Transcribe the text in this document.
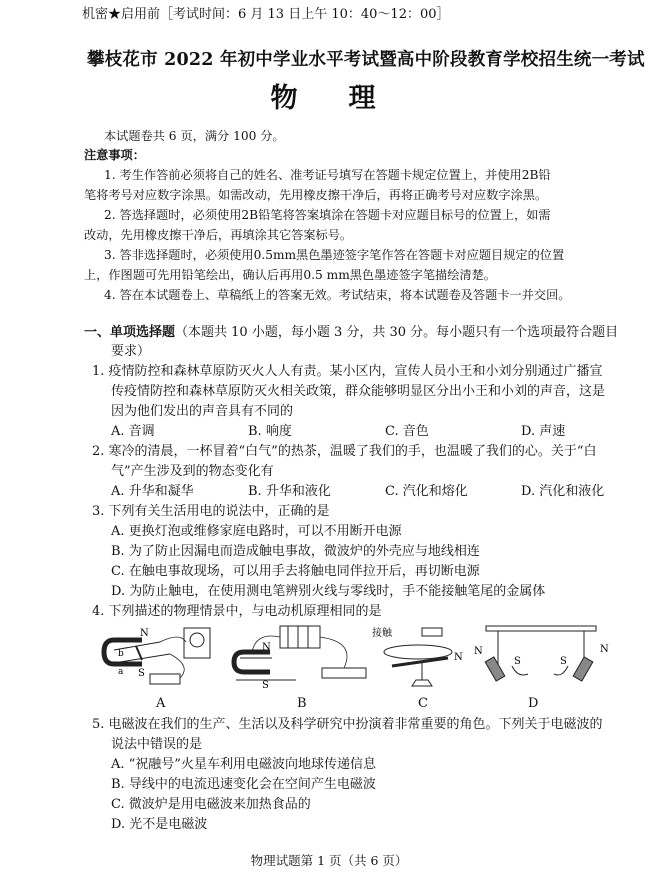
机密★启用前［考试时间：6 月 13 日上午 10：40～12：00］
攀枝花市 2022 年初中学业水平考试暨高中阶段教育学校招生统一考试
物　理
本试题卷共 6 页，满分 100 分。
注意事项：
1. 考生作答前必须将自己的姓名、准考证号填写在答题卡规定位置上，并使用2B铅
笔将考号对应数字涂黑。如需改动，先用橡皮擦干净后，再将正确考号对应数字涂黑。
2. 答选择题时，必须使用2B铅笔将答案填涂在答题卡对应题目标号的位置上，如需
改动，先用橡皮擦干净后，再填涂其它答案标号。
3. 答非选择题时，必须使用0.5mm黑色墨迹签字笔作答在答题卡对应题目规定的位置
上，作图题可先用铅笔绘出，确认后再用0.5 mm黑色墨迹签字笔描绘清楚。
4. 答在本试题卷上、草稿纸上的答案无效。考试结束，将本试题卷及答题卡一并交回。
一、单项选择题（本题共 10 小题，每小题 3 分，共 30 分。每小题只有一个选项最符合题目
要求）
1. 疫情防控和森林草原防灭火人人有责。某小区内，宣传人员小王和小刘分别通过广播宣
传疫情防控和森林草原防灭火相关政策，群众能够明显区分出小王和小刘的声音，这是
因为他们发出的声音具有不同的
A. 音调	B. 响度	C. 音色	D. 声速
2. 寒冷的清晨，一杯冒着“白气”的热茶，温暖了我们的手，也温暖了我们的心。关于“白
气”产生涉及到的物态变化有
A. 升华和凝华	B. 升华和液化	C. 汽化和熔化	D. 汽化和液化
3. 下列有关生活用电的说法中，正确的是
A. 更换灯泡或维修家庭电路时，可以不用断开电源
B. 为了防止因漏电而造成触电事故，微波炉的外壳应与地线相连
C. 在触电事故现场，可以用手去将触电同伴拉开后，再切断电源
D. 为防止触电，在使用测电笔辨别火线与零线时，手不能接触笔尾的金属体
4. 下列描述的物理情景中，与电动机原理相同的是
N
S
b
a
N
S
接触
N
N
S	S
N
A	B	C	D
5. 电磁波在我们的生产、生活以及科学研究中扮演着非常重要的角色。下列关于电磁波的
说法中错误的是
A. “祝融号”火星车利用电磁波向地球传递信息
B. 导线中的电流迅速变化会在空间产生电磁波
C. 微波炉是用电磁波来加热食品的
D. 光不是电磁波
物理试题第 1 页（共 6 页）
